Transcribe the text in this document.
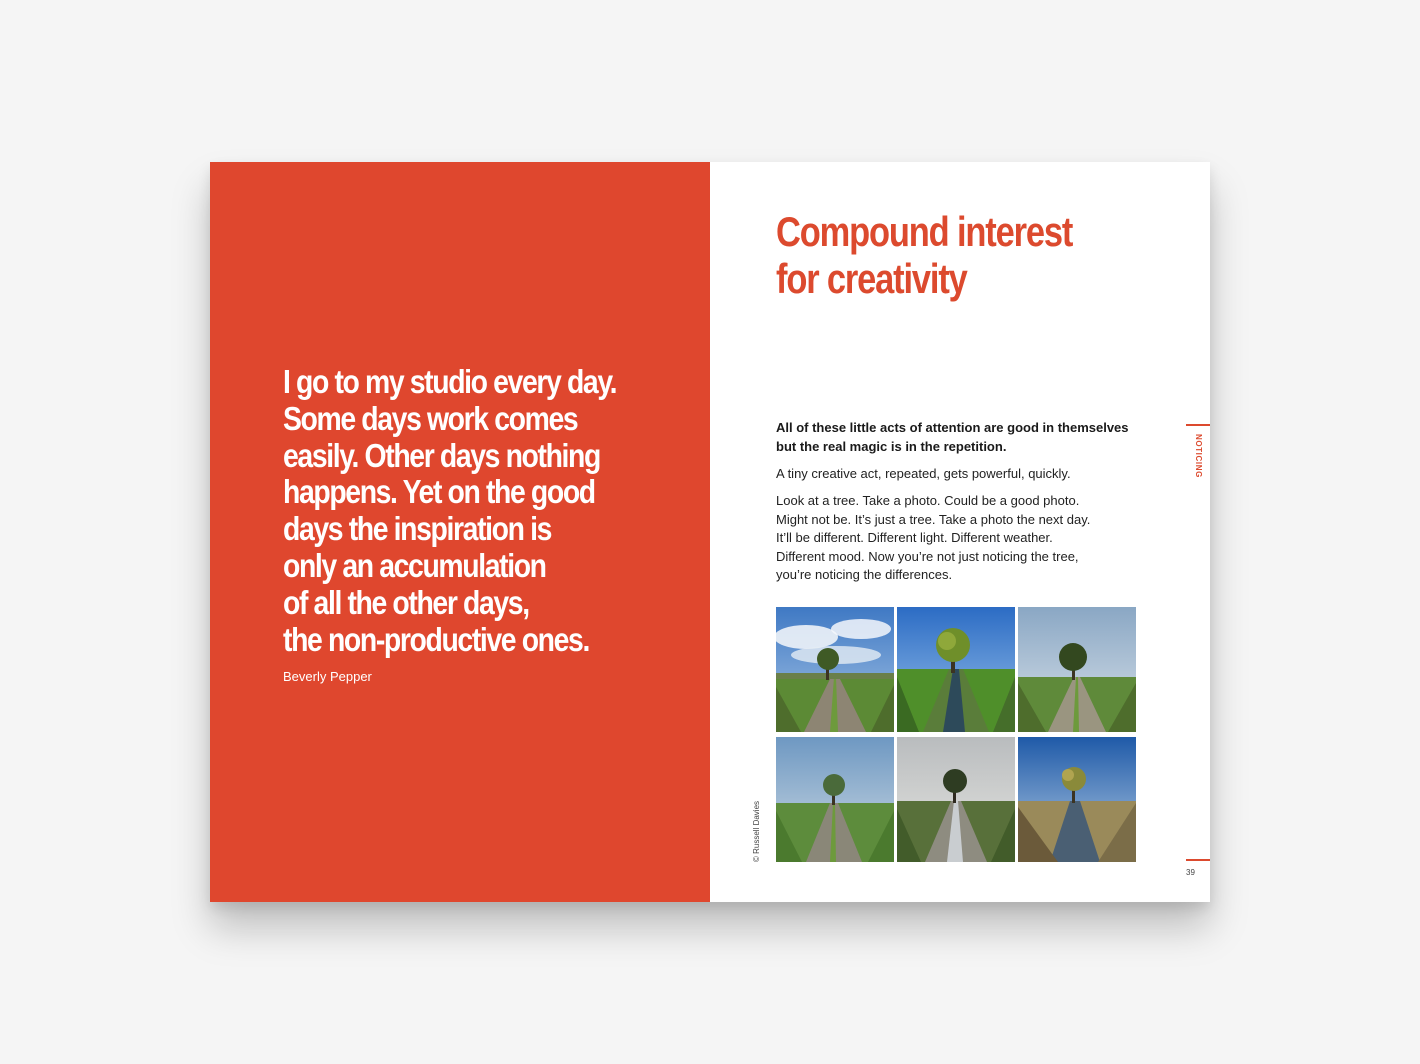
I go to my studio every day.
Some days work comes
easily. Other days nothing
happens. Yet on the good
days the inspiration is
only an accumulation
of all the other days,
the non-productive ones.
Beverly Pepper
Compound interest
for creativity
All of these little acts of attention are good in themselves
but the real magic is in the repetition.
A tiny creative act, repeated, gets powerful, quickly.
Look at a tree. Take a photo. Could be a good photo.
Might not be. It’s just a tree. Take a photo the next day.
It’ll be different. Different light. Different weather.
Different mood. Now you’re not just noticing the tree,
you’re noticing the differences.
© Russell Davies
NOTICING
39
